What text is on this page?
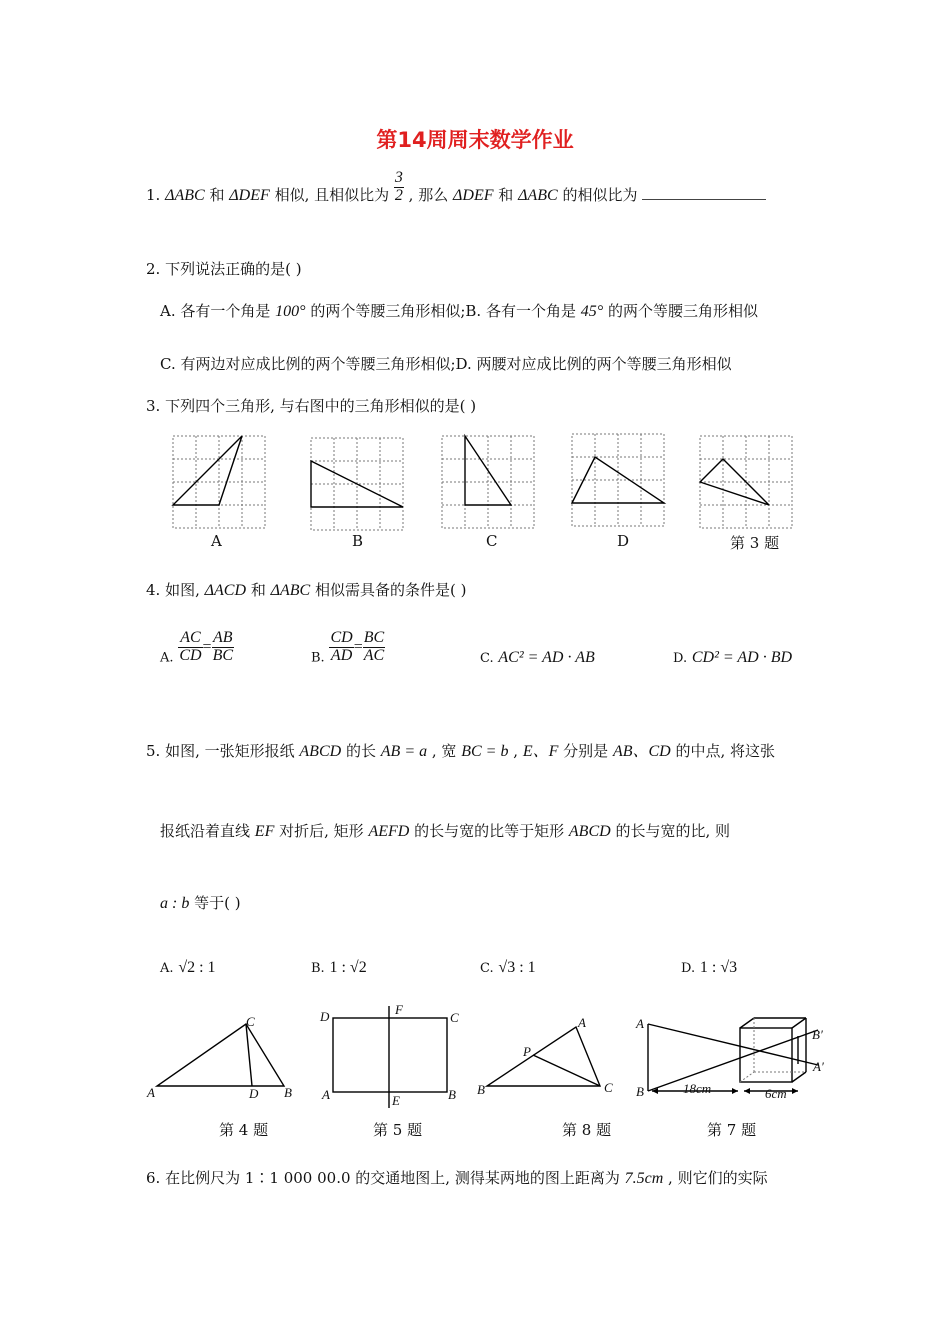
第14周周末数学作业
1. ΔABC 和 ΔDEF 相似, 且相似比为 $\frac{3}{2}$ , 那么 ΔDEF 和 ΔABC 的相似比为
2. 下列说法正确的是( )
A. 各有一个角是 100° 的两个等腰三角形相似;B. 各有一个角是 45° 的两个等腰三角形相似
C. 有两边对应成比例的两个等腰三角形相似;D. 两腰对应成比例的两个等腰三角形相似
3. 下列四个三角形, 与右图中的三角形相似的是( )
A	B	C	D	第 3 题
4. 如图, ΔACD 和 ΔABC 相似需具备的条件是( )
A. $\frac{AC}{CD} = \frac{AB}{BC}$	B. $\frac{CD}{AD} = \frac{BC}{AC}$	C. AC² = AD · AB	D. CD² = AD · BD
5. 如图, 一张矩形报纸 ABCD 的长 AB = a , 宽 BC = b , E、F 分别是 AB、CD 的中点, 将这张
报纸沿着直线 EF 对折后, 矩形 AEFD 的长与宽的比等于矩形 ABCD 的长与宽的比, 则
a : b 等于( )
A. √2 : 1	B. 1 : √2	C. √3 : 1	D. 1 : √3
A	B
C
D	A	B
C
D
E
F
A
B	C
P
A
B
B′
A′
18cm	6cm
第 4 题	第 5 题	第 8 题	第 7 题
6. 在比例尺为 1∶1 000 00.0 的交通地图上, 测得某两地的图上距离为 7.5cm , 则它们的实际
